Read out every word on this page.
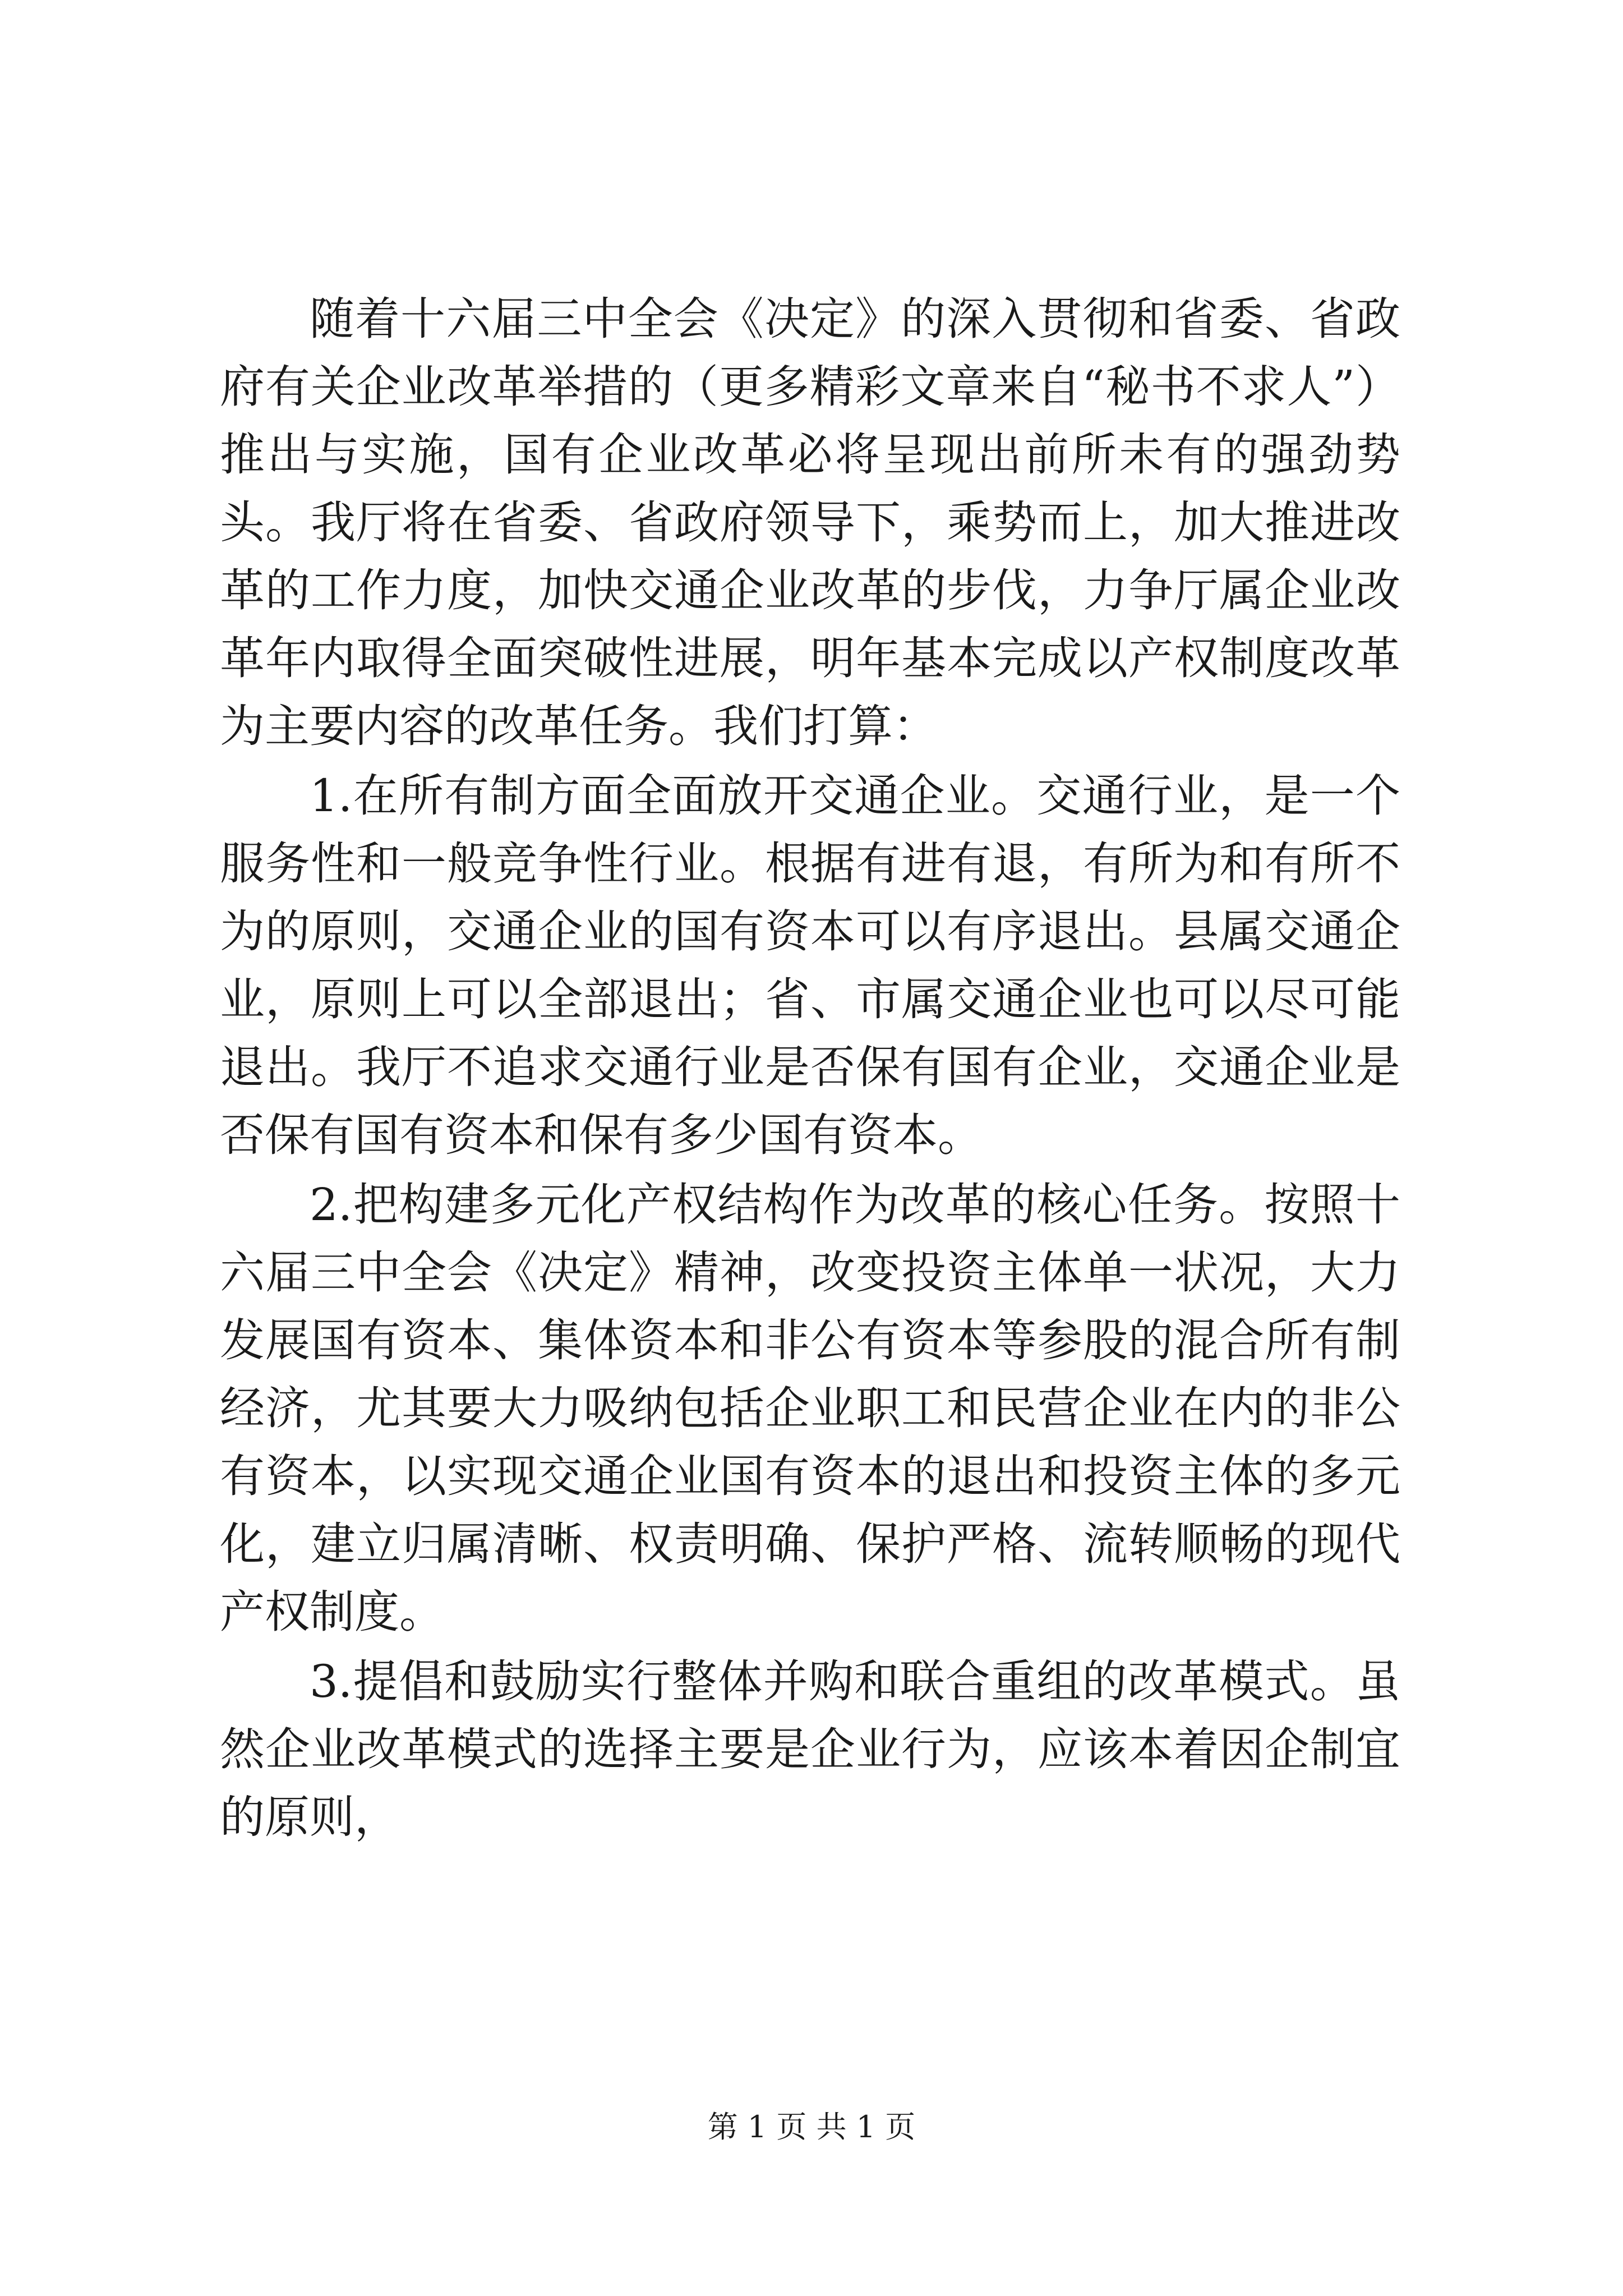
随着十六届三中全会《决定》的深入贯彻和省委、省政府有关企业改革举措的（更多精彩文章来自“秘书不求人”）推出与实施，国有企业改革必将呈现出前所未有的强劲势头。我厅将在省委、省政府领导下，乘势而上，加大推进改革的工作力度，加快交通企业改革的步伐，力争厅属企业改革年内取得全面突破性进展，明年基本完成以产权制度改革为主要内容的改革任务。我们打算：

1.在所有制方面全面放开交通企业。交通行业，是一个服务性和一般竞争性行业。根据有进有退，有所为和有所不为的原则，交通企业的国有资本可以有序退出。县属交通企业，原则上可以全部退出；省、市属交通企业也可以尽可能退出。我厅不追求交通行业是否保有国有企业，交通企业是否保有国有资本和保有多少国有资本。

2.把构建多元化产权结构作为改革的核心任务。按照十六届三中全会《决定》精神，改变投资主体单一状况，大力发展国有资本、集体资本和非公有资本等参股的混合所有制经济，尤其要大力吸纳包括企业职工和民营企业在内的非公有资本，以实现交通企业国有资本的退出和投资主体的多元化，建立归属清晰、权责明确、保护严格、流转顺畅的现代产权制度。

3.提倡和鼓励实行整体并购和联合重组的改革模式。虽然企业改革模式的选择主要是企业行为，应该本着因企制宜的原则，

第 1 页 共 1 页
